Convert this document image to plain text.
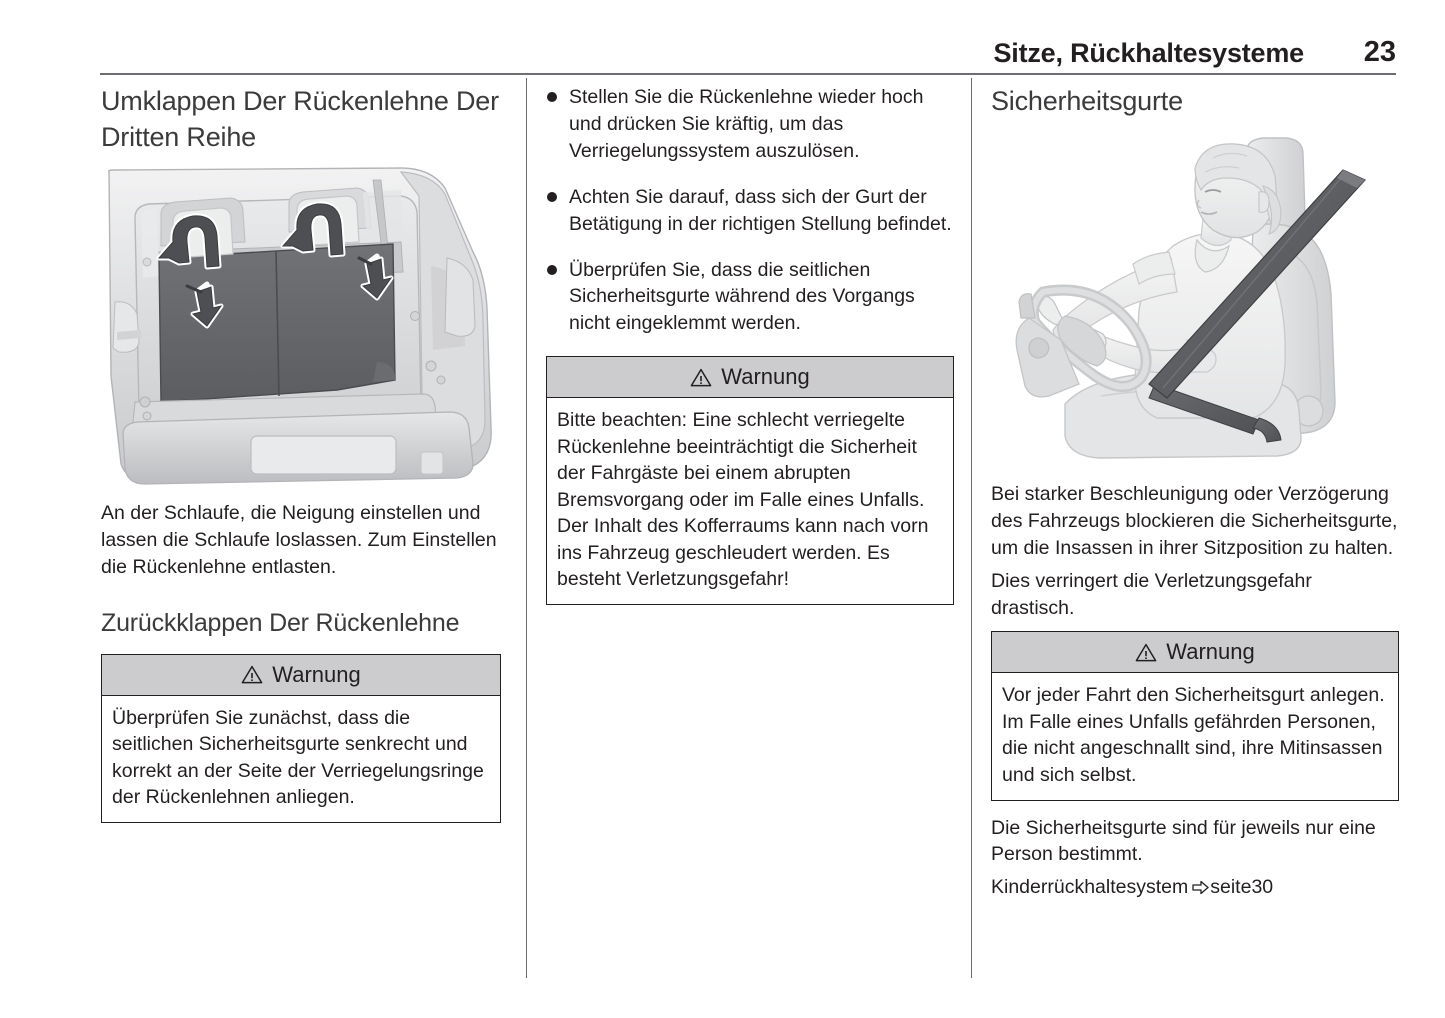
Sitze, Rückhaltesysteme 23
Umklappen Der Rückenlehne Der Dritten Reihe

An der Schlaufe, die Neigung einstellen und lassen die Schlaufe loslassen. Zum Einstellen die Rückenlehne entlasten.

Zurückklappen Der Rückenlehne
Warnung

Überprüfen Sie zunächst, dass die seitlichen Sicherheitsgurte senkrecht und korrekt an der Seite der Verriegelungsringe der Rückenlehnen anliegen.

Stellen Sie die Rückenlehne wieder hoch und drücken Sie kräftig, um das Verriegelungssystem auszulösen.
Achten Sie darauf, dass sich der Gurt der Betätigung in der richtigen Stellung befindet.
Überprüfen Sie, dass die seitlichen Sicherheitsgurte während des Vorgangs nicht eingeklemmt werden.
Warnung

Bitte beachten: Eine schlecht verriegelte Rückenlehne beeinträchtigt die Sicherheit der Fahrgäste bei einem abrupten Bremsvorgang oder im Falle eines Unfalls.

Der Inhalt des Kofferraums kann nach vorn ins Fahrzeug geschleudert werden. Es besteht Verletzungsgefahr!

Sicherheitsgurte

Bei starker Beschleunigung oder Verzögerung des Fahrzeugs blockieren die Sicherheitsgurte, um die Insassen in ihrer Sitzposition zu halten.

Dies verringert die Verletzungsgefahr drastisch.

Warnung

Vor jeder Fahrt den Sicherheitsgurt anlegen.

Im Falle eines Unfalls gefährden Personen, die nicht angeschnallt sind, ihre Mitinsassen und sich selbst.

Die Sicherheitsgurte sind für jeweils nur eine Person bestimmt.

Kinderrückhaltesystem seite30
